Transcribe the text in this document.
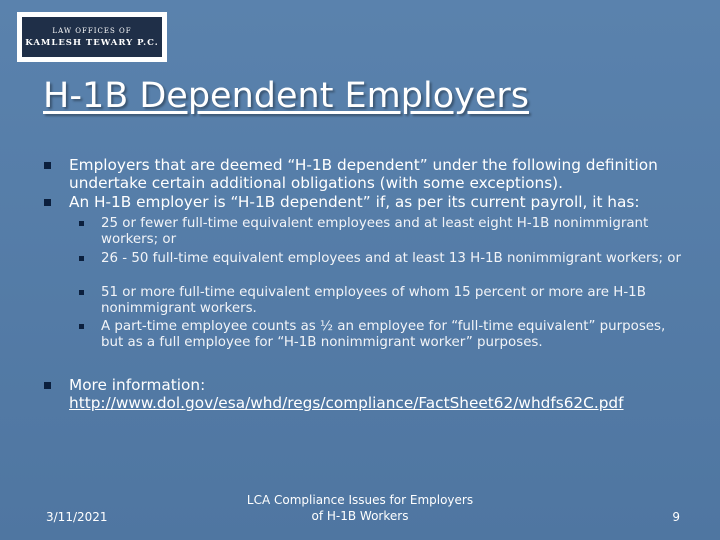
LAW OFFICES OF
KAMLESH TEWARY P.C.
H-1B Dependent Employers
Employers that are deemed “H-1B dependent” under the following definition undertake certain additional obligations (with some exceptions).
An H-1B employer is “H-1B dependent” if, as per its current payroll, it has:
25 or fewer full-time equivalent employees and at least eight H-1B nonimmigrant workers; or
26 - 50 full-time equivalent employees and at least 13 H-1B nonimmigrant workers; or
51 or more full-time equivalent employees of whom 15 percent or more are H-1B nonimmigrant workers.
A part-time employee counts as ½ an employee for “full-time equivalent” purposes, but as a full employee for “H-1B nonimmigrant worker” purposes.
More information:
http://www.dol.gov/esa/whd/regs/compliance/FactSheet62/whdfs62C.pdf
3/11/2021
LCA Compliance Issues for Employers of H-1B Workers	9
